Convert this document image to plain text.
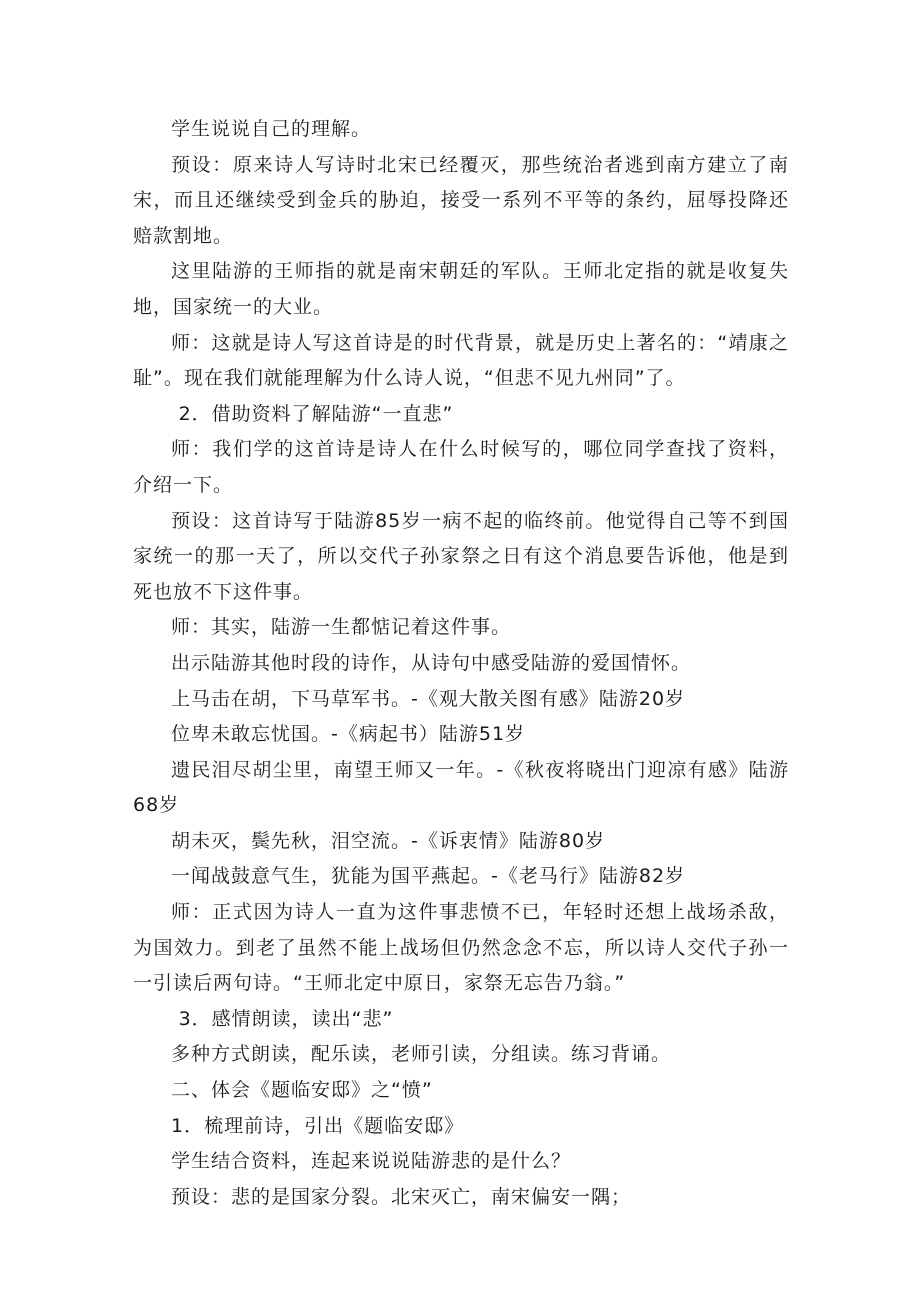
学生说说自己的理解。

预设：原来诗人写诗时北宋已经覆灭，那些统治者逃到南方建立了南宋，而且还继续受到金兵的胁迫，接受一系列不平等的条约，屈辱投降还赔款割地。

这里陆游的王师指的就是南宋朝廷的军队。王师北定指的就是收复失地，国家统一的大业。

师：这就是诗人写这首诗是的时代背景，就是历史上著名的：“靖康之耻”。现在我们就能理解为什么诗人说，“但悲不见九州同”了。

2．借助资料了解陆游“一直悲”

师：我们学的这首诗是诗人在什么时候写的，哪位同学查找了资料，介绍一下。

预设：这首诗写于陆游85岁一病不起的临终前。他觉得自己等不到国家统一的那一天了，所以交代子孙家祭之日有这个消息要告诉他，他是到死也放不下这件事。

师：其实，陆游一生都惦记着这件事。

出示陆游其他时段的诗作，从诗句中感受陆游的爱国情怀。

上马击在胡，下马草军书。-《观大散关图有感》陆游20岁

位卑未敢忘忧国。-《病起书）陆游51岁

遗民泪尽胡尘里，南望王师又一年。-《秋夜将晓出门迎凉有感》陆游68岁

胡未灭，鬓先秋，泪空流。-《诉衷情》陆游80岁

一闻战鼓意气生，犹能为国平燕起。-《老马行》陆游82岁

师：正式因为诗人一直为这件事悲愤不已，年轻时还想上战场杀敌，为国效力。到老了虽然不能上战场但仍然念念不忘，所以诗人交代子孙一一引读后两句诗。“王师北定中原日，家祭无忘告乃翁。”

3．感情朗读，读出“悲”

多种方式朗读，配乐读，老师引读，分组读。练习背诵。

二、体会《题临安邸》之“愤”

1．梳理前诗，引出《题临安邸》

学生结合资料，连起来说说陆游悲的是什么？

预设：悲的是国家分裂。北宋灭亡，南宋偏安一隅；
